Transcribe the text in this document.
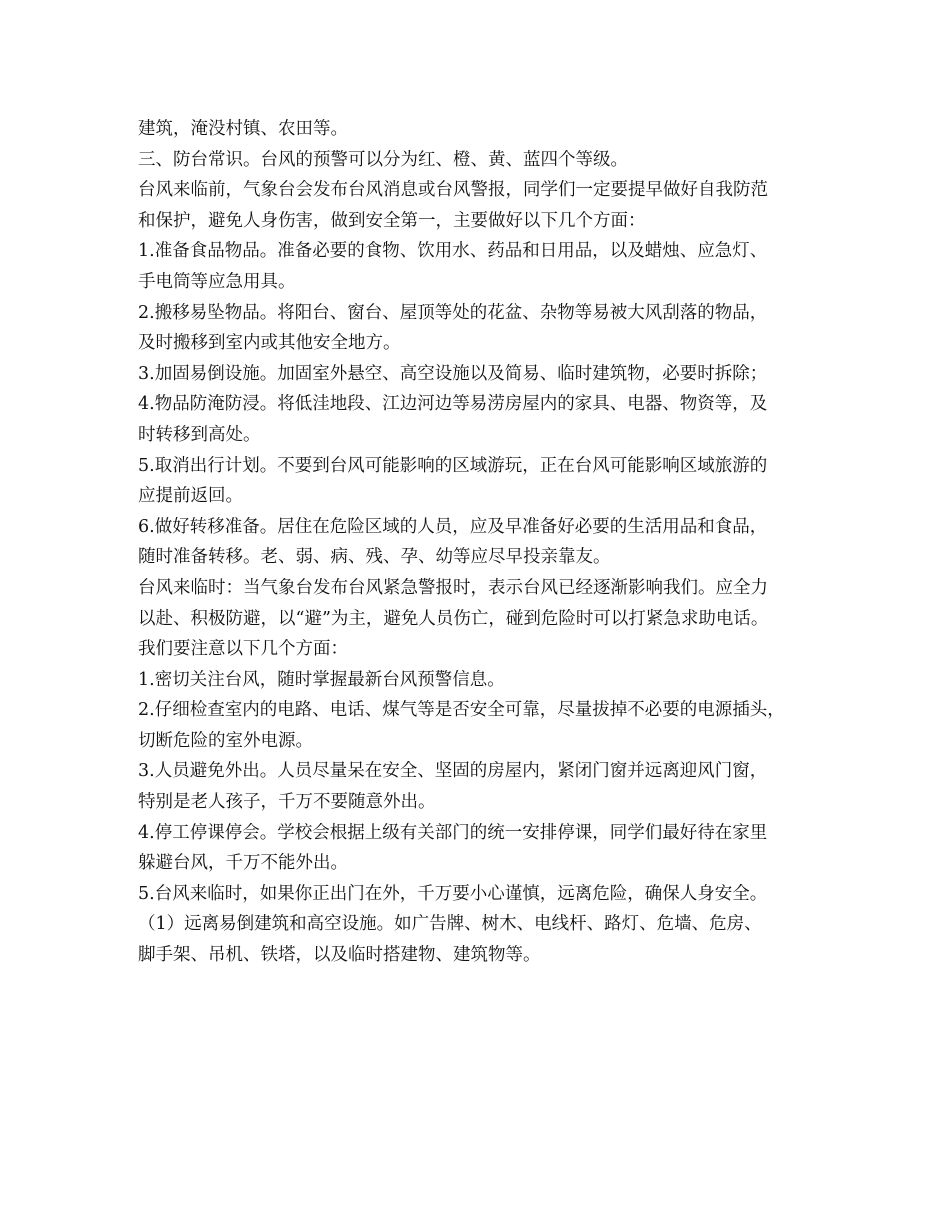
建筑，淹没村镇、农田等。
三、防台常识。台风的预警可以分为红、橙、黄、蓝四个等级。
台风来临前，气象台会发布台风消息或台风警报，同学们一定要提早做好自我防范
和保护，避免人身伤害，做到安全第一，主要做好以下几个方面：
1.准备食品物品。准备必要的食物、饮用水、药品和日用品，以及蜡烛、应急灯、
手电筒等应急用具。
2.搬移易坠物品。将阳台、窗台、屋顶等处的花盆、杂物等易被大风刮落的物品，
及时搬移到室内或其他安全地方。
3.加固易倒设施。加固室外悬空、高空设施以及简易、临时建筑物，必要时拆除；
4.物品防淹防浸。将低洼地段、江边河边等易涝房屋内的家具、电器、物资等，及
时转移到高处。
5.取消出行计划。不要到台风可能影响的区域游玩，正在台风可能影响区域旅游的
应提前返回。
6.做好转移准备。居住在危险区域的人员，应及早准备好必要的生活用品和食品，
随时准备转移。老、弱、病、残、孕、幼等应尽早投亲靠友。
台风来临时：当气象台发布台风紧急警报时，表示台风已经逐渐影响我们。应全力
以赴、积极防避，以“避”为主，避免人员伤亡，碰到危险时可以打紧急求助电话。
我们要注意以下几个方面：
1.密切关注台风，随时掌握最新台风预警信息。
2.仔细检查室内的电路、电话、煤气等是否安全可靠，尽量拔掉不必要的电源插头，
切断危险的室外电源。
3.人员避免外出。人员尽量呆在安全、坚固的房屋内，紧闭门窗并远离迎风门窗，
特别是老人孩子，千万不要随意外出。
4.停工停课停会。学校会根据上级有关部门的统一安排停课，同学们最好待在家里
躲避台风，千万不能外出。
5.台风来临时，如果你正出门在外，千万要小心谨慎，远离危险，确保人身安全。
（1）远离易倒建筑和高空设施。如广告牌、树木、电线杆、路灯、危墙、危房、
脚手架、吊机、铁塔，以及临时搭建物、建筑物等。
